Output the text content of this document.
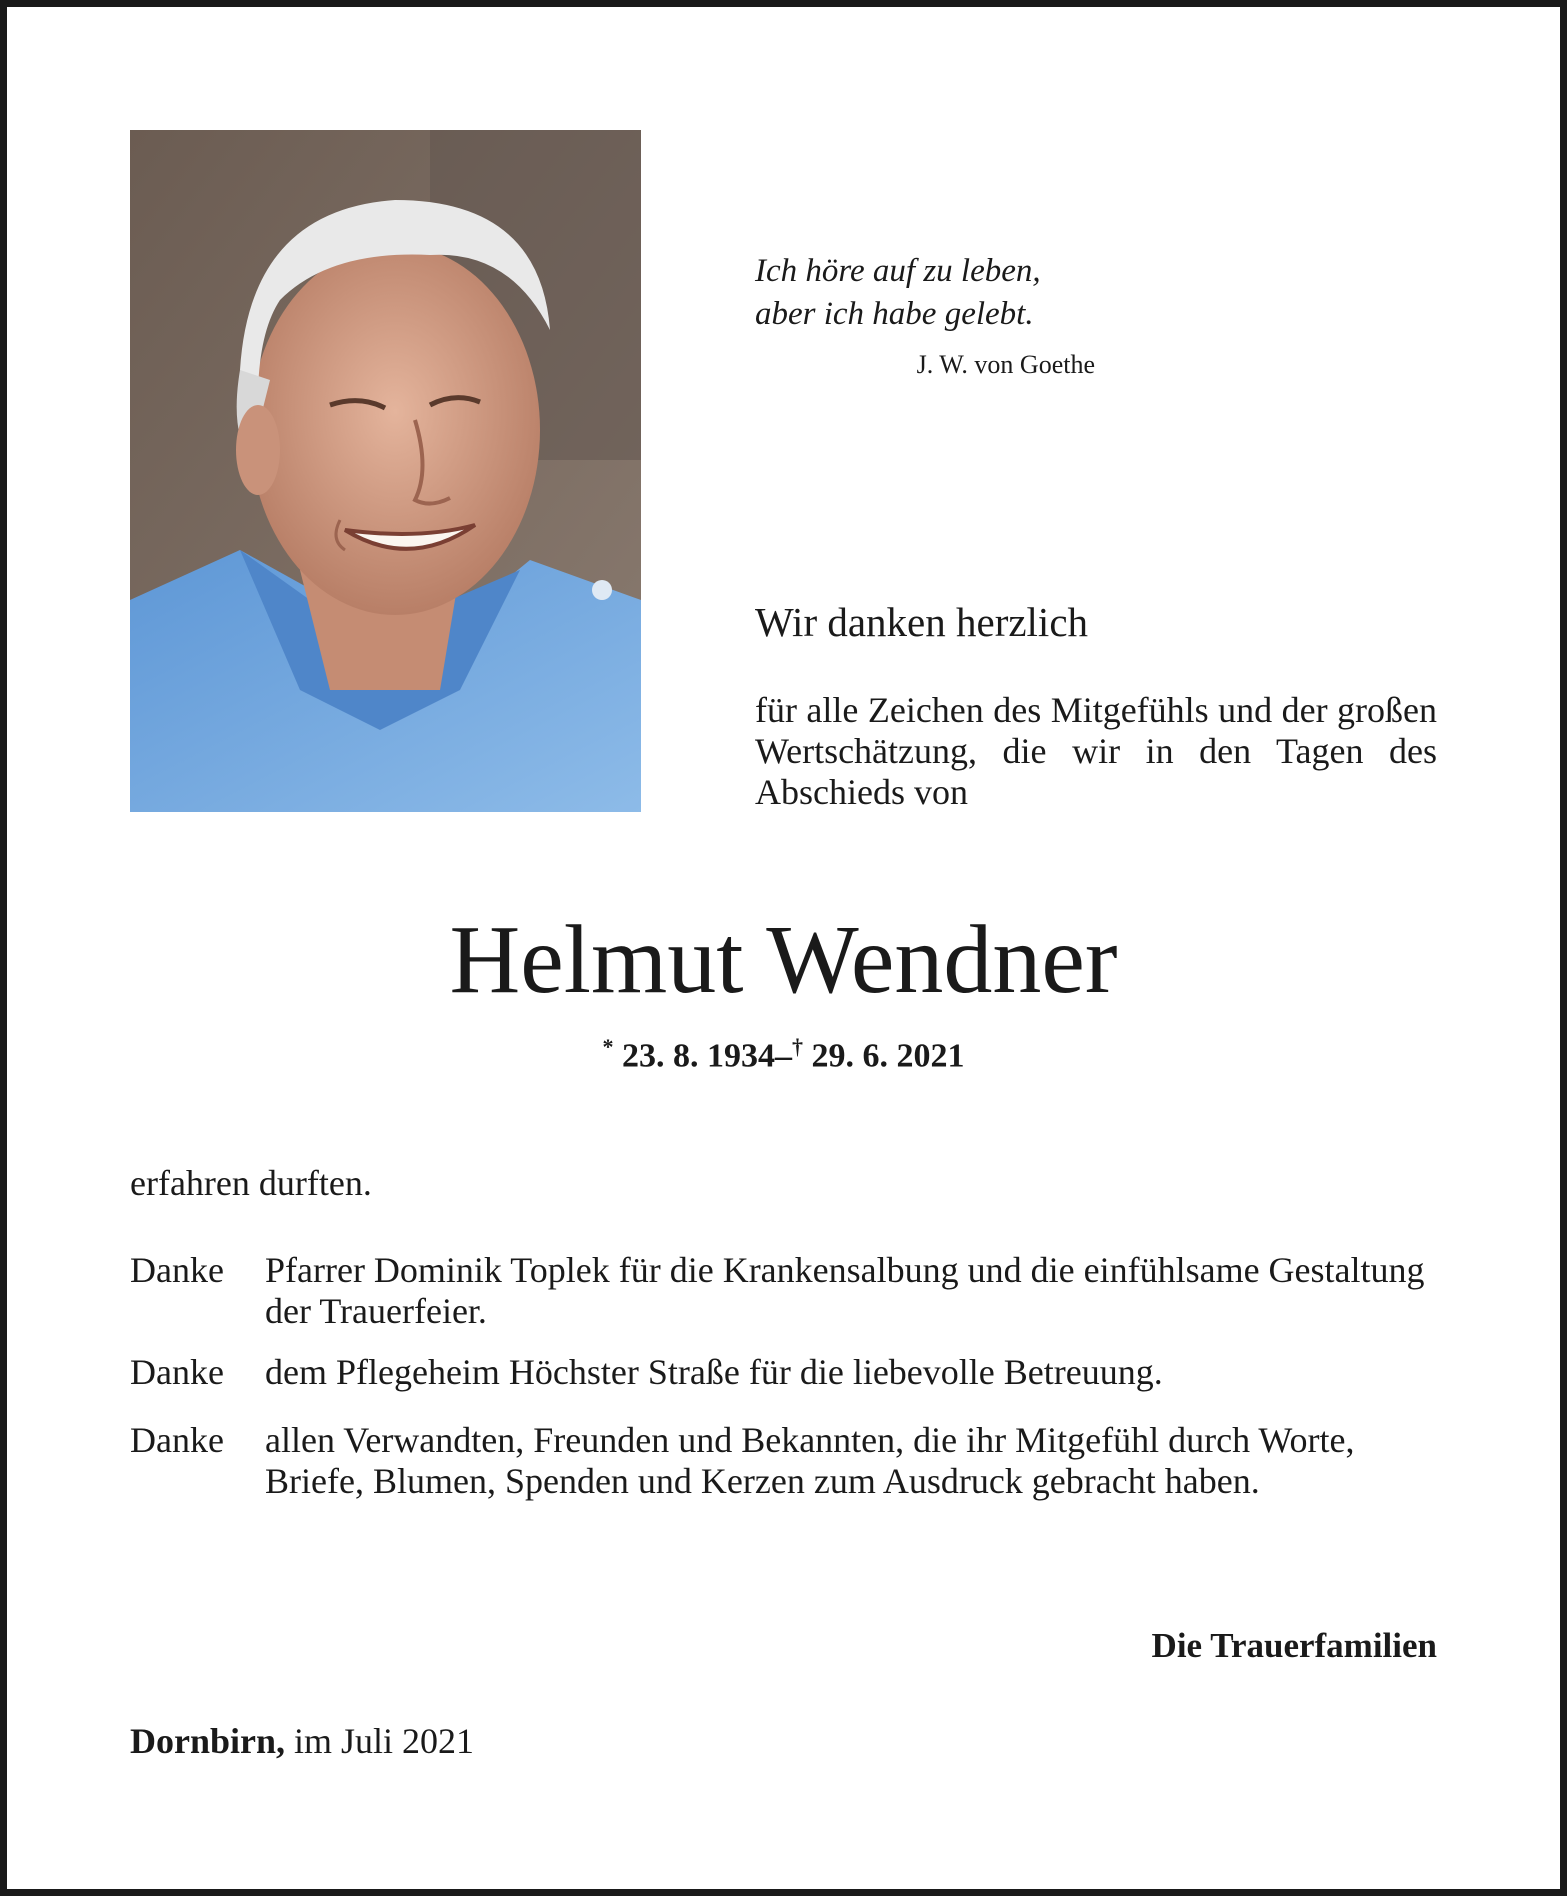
Ich höre auf zu leben,
aber ich habe gelebt.
J. W. von Goethe
Wir danken herzlich
für alle Zeichen des Mitgefühls und der großen Wertschätzung, die wir in den Tagen des Abschieds von
Helmut Wendner
* 23. 8. 1934–† 29. 6. 2021
erfahren durften.
Danke Pfarrer Dominik Toplek für die Krankensalbung und die einfühlsame Gestaltung der Trauerfeier.
Danke dem Pflegeheim Höchster Straße für die liebevolle Betreuung.
Danke allen Verwandten, Freunden und Bekannten, die ihr Mitgefühl durch Worte, Briefe, Blumen, Spenden und Kerzen zum Ausdruck gebracht haben.
Die Trauerfamilien
Dornbirn, im Juli 2021
